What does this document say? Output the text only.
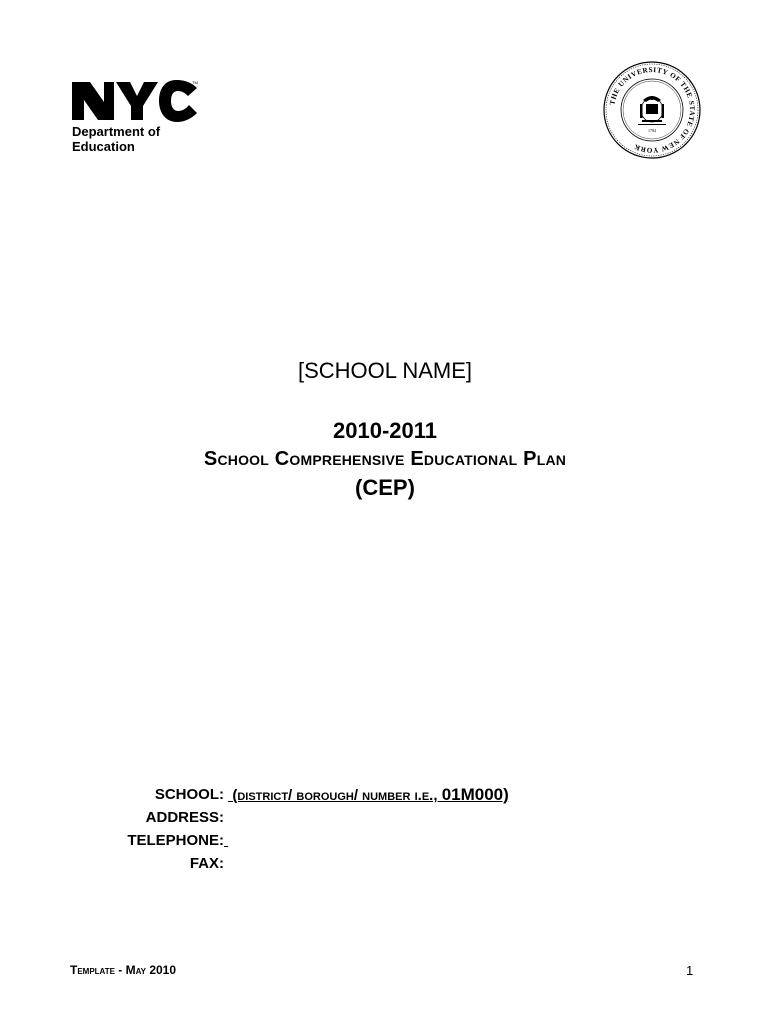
TM
Department of
Education
THE UNIVERSITY OF THE STATE OF NEW YORK
1784
[SCHOOL NAME]
2010-2011
School Comprehensive Educational Plan
(CEP)
SCHOOL: (district/ borough/ number i.e., 01M000)
ADDRESS:
TELEPHONE:

FAX:
Template - May 2010	1
